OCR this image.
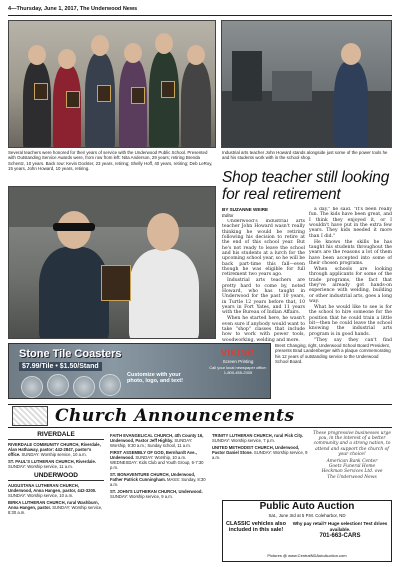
4—Thursday, June 1, 2017, The Underwood News
Several teachers were honored for their years of service with the Underwood Public School. Presented with Outstanding Service Awards were, from row from left: Nita Anderson, 29 years; retiring Brenda Schentz, 10 years. Back row: Kevin Dockter, 23 years, retiring; Shelly Hoff, 40 years, retiring; Deb LeRoy, 15 years, John Howard, 10 years, retiring.
Industrial arts teacher John Howard stands alongside just some of the power tools he and his students work with in the school shop.
Shop teacher still looking for real retirement
BY SUZANNE WEIRE
Editor

Underwood's industrial arts teacher John Howard wasn't really thinking he would be retiring following his decision to retire at the end of this school year. But he's not ready to leave the school and his students at a lurch for the upcoming school year, so he will be back part-time this fall—even though he was eligible for full retirement two years ago.

Industrial arts teachers are pretty hard to come by, noted Howard, who has taught in Underwood for the past 10 years, in Turtle 12 years before that, 10 years in Fort Yates, and 11 years with the Bureau of Indian Affairs.

When he started here, he wasn't even sure if anybody would want to take "shop" classes that include how to work with power tools, woodworking, welding and more.

a day," he said. "It's been really fun. The kids have been great, and I think they enjoyed it, or I wouldn't have put in the extra few years. They kids needed it more than I did."

He knows the skills he has taught his students throughout the years are the reasons a lot of them have been accepted into some of their chosen programs.

When schools are looking through applicants for some of the trade programs, the fact that they've already got hands-on experience with welding, building or other industrial arts, goes a long way.

What he would like to see is for the school to hire someone for the position that he could train a little bit—then he could leave the school knowing the industrial arts program is in good hands.

"They say they can't find

Stone Tile Coasters
$7.99/Tile • $1.50/Stand
Customize with your photo, logo, and text!
VIKING
Screen Printing
Call your local newspaper office: 1-800-455-2305
Brent Changing, right, Underwood School Board President, presents Brad Landenberger with a plaque commemorating his 12 years of outstanding service to the Underwood School Board.
Church Announcements
RIVERDALE
RIVERDALE COMMUNITY CHURCH, Riverdale, Alan Hathaway, pastor: 442-2847, pastor's office. SUNDAY: Worship service, 10 a.m.
ST. PAUL'S LUTHERAN CHURCH, Riverdale. SUNDAY: Worship service, 11 a.m.
UNDERWOOD
AUGUSTANA LUTHERAN CHURCH, Underwood, Anna Hangen, pastor, 442-3200. SUNDAY: Worship service, 10 a.m.
BIRKA LUTHERAN CHURCH, rural Washburn, Anna Hangen, pastor. SUNDAY: Worship service, 8:30 a.m.
FAITH EVANGELICAL CHURCH, 4th County 16, Underwood, Pastor Jeff Highby. SUNDAY: Worship, 9:30 a.m.; Sunday school, 11 a.m.
FIRST ASSEMBLY OF GOD, Bernhardt Ave., Underwood. SUNDAY: Worship, 10 a.m. WEDNESDAY: Kids Club and Youth Group, 6-7:30 p.m.
ST. BONAVENTURE CHURCH, Underwood, Father Patrick Cunningham. MASS: Sunday, 8:30 a.m.
ST. JOHN'S LUTHERAN CHURCH, Underwood. SUNDAY: Worship service, 9 a.m.
TRINITY LUTHERAN CHURCH, rural Pick City. SUNDAY: Worship service, 7 p.m.
UNITED METHODIST CHURCH, Underwood, Pastor Daniel Stone. SUNDAY: Worship service, 9 a.m.
These progressive businesses urge you, in the interest of a better community and a strong nation, to attend and support the church of your choice!
American Bank Center
Goetz Funeral Home
Heckman Services Ltd. ove
The Underwood News
Public Auto Auction
Sat., June 3rd at 5 P.M. Coleharbor, ND
CLASSIC vehicles also included in this sale!
Why pay retail? Huge selection! Test drives available.
701-663-CARS
Pictures @ www.CentralNDAutoAuction.com
